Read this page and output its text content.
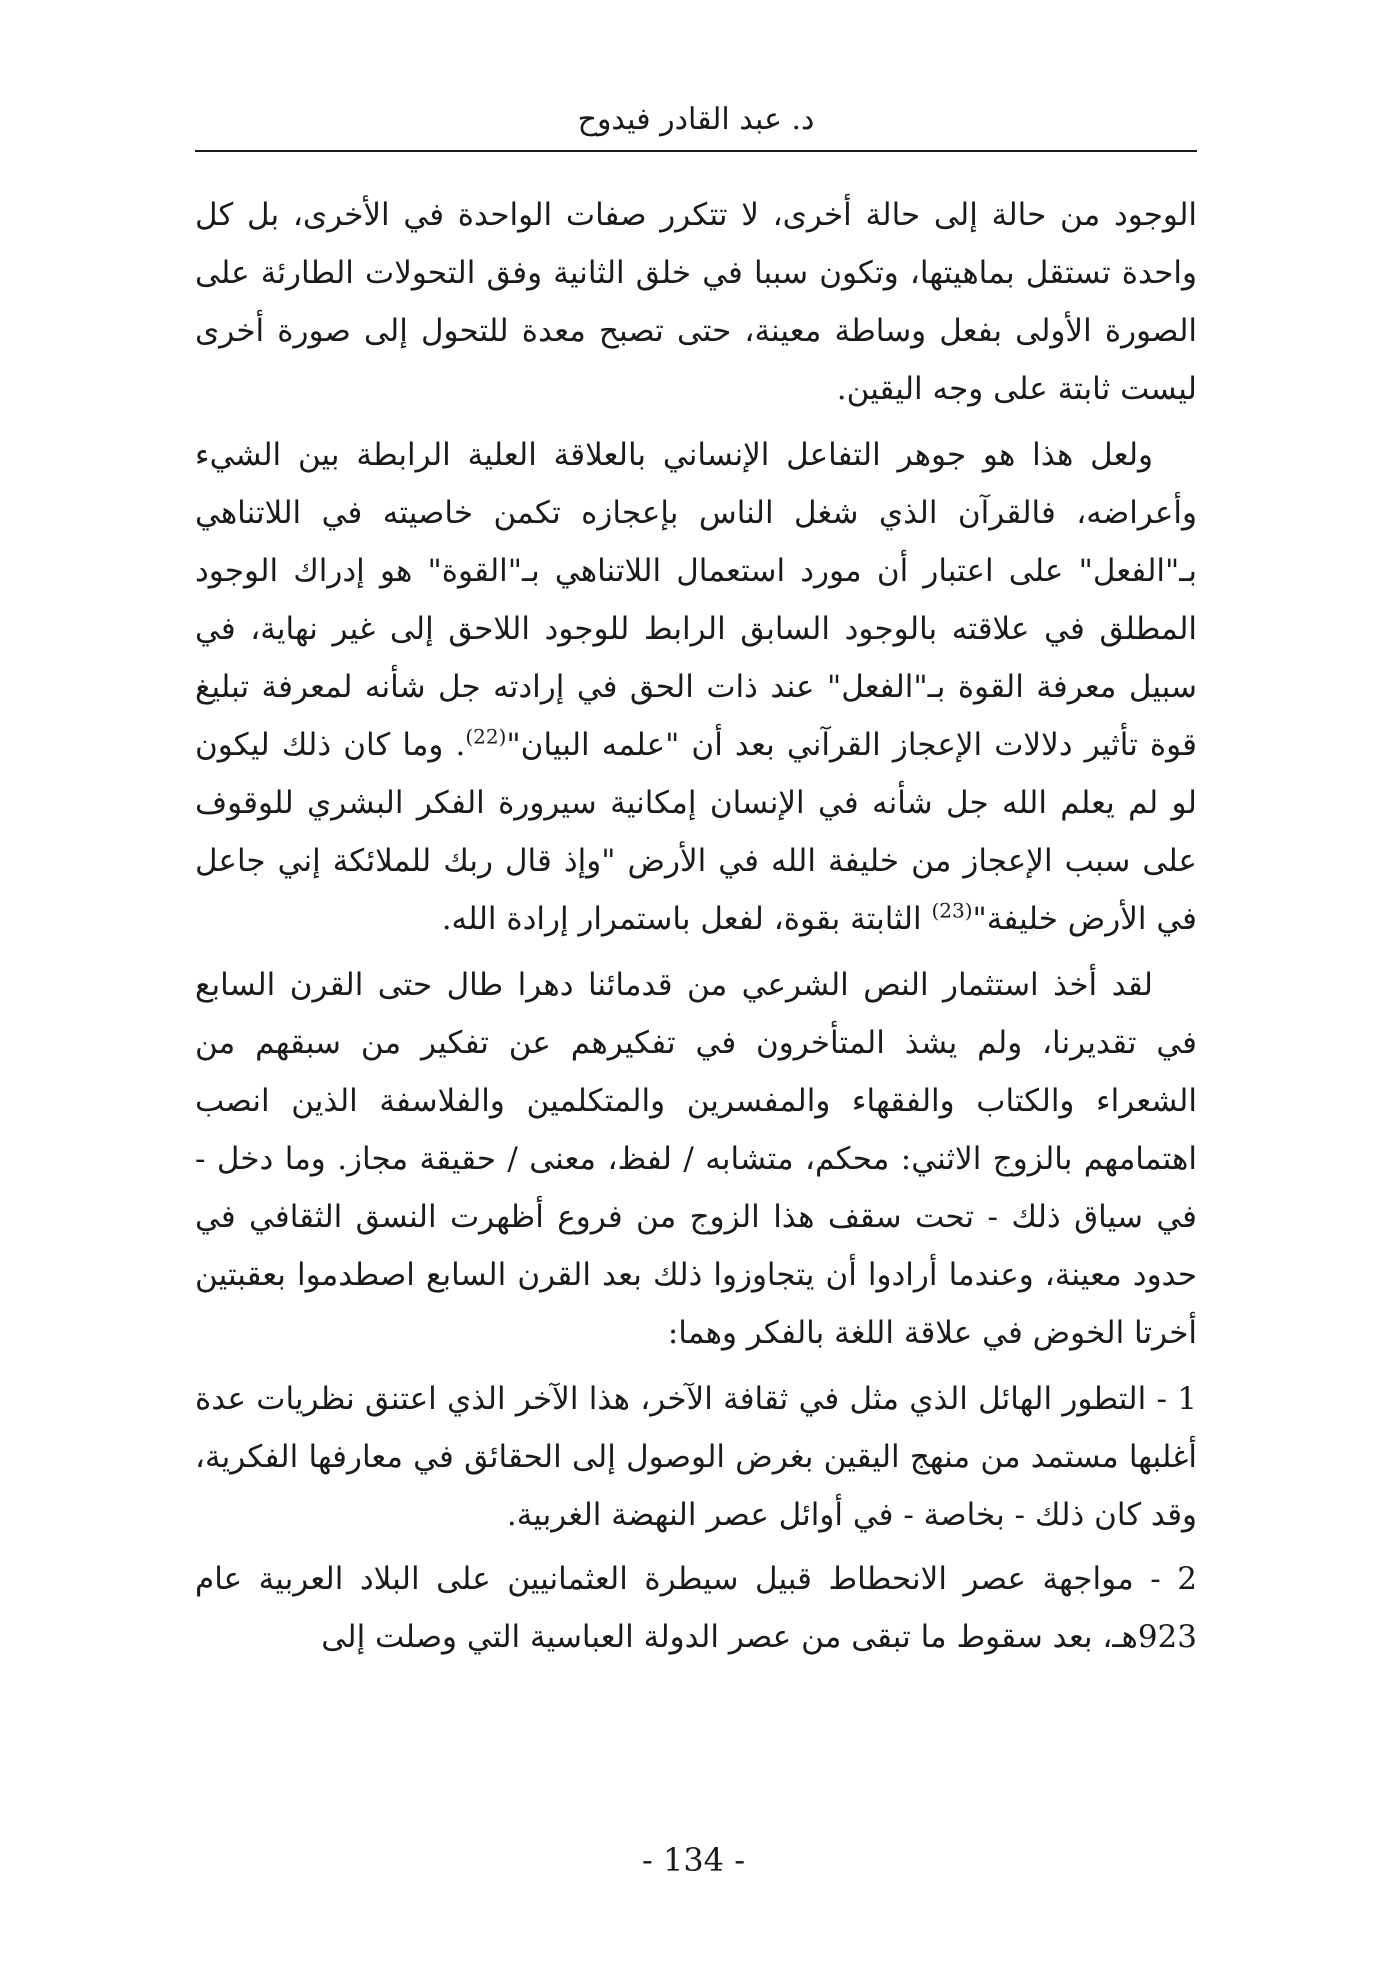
د. عبد القادر فيدوح

الوجود من حالة إلى حالة أخرى، لا تتكرر صفات الواحدة في الأخرى، بل كل واحدة تستقل بماهيتها، وتكون سببا في خلق الثانية وفق التحولات الطارئة على الصورة الأولى بفعل وساطة معينة، حتى تصبح معدة للتحول إلى صورة أخرى ليست ثابتة على وجه اليقين.

ولعل هذا هو جوهر التفاعل الإنساني بالعلاقة العلية الرابطة بين الشيء وأعراضه، فالقرآن الذي شغل الناس بإعجازه تكمن خاصيته في اللاتناهي بـ"الفعل" على اعتبار أن مورد استعمال اللاتناهي بـ"القوة" هو إدراك الوجود المطلق في علاقته بالوجود السابق الرابط للوجود اللاحق إلى غير نهاية، في سبيل معرفة القوة بـ"الفعل" عند ذات الحق في إرادته جل شأنه لمعرفة تبليغ قوة تأثير دلالات الإعجاز القرآني بعد أن "علمه البيان"$^{(22)}$. وما كان ذلك ليكون لو لم يعلم الله جل شأنه في الإنسان إمكانية سيرورة الفكر البشري للوقوف على سبب الإعجاز من خليفة الله في الأرض "وإذ قال ربك للملائكة إني جاعل في الأرض خليفة"$^{(23)}$ الثابتة بقوة، لفعل باستمرار إرادة الله.

لقد أخذ استثمار النص الشرعي من قدمائنا دهرا طال حتى القرن السابع في تقديرنا، ولم يشذ المتأخرون في تفكيرهم عن تفكير من سبقهم من الشعراء والكتاب والفقهاء والمفسرين والمتكلمين والفلاسفة الذين انصب اهتمامهم بالزوج الاثني: محكم، متشابه / لفظ، معنى / حقيقة مجاز. وما دخل - في سياق ذلك - تحت سقف هذا الزوج من فروع أظهرت النسق الثقافي في حدود معينة، وعندما أرادوا أن يتجاوزوا ذلك بعد القرن السابع اصطدموا بعقبتين أخرتا الخوض في علاقة اللغة بالفكر وهما:

1 - التطور الهائل الذي مثل في ثقافة الآخر، هذا الآخر الذي اعتنق نظريات عدة أغلبها مستمد من منهج اليقين بغرض الوصول إلى الحقائق في معارفها الفكرية، وقد كان ذلك - بخاصة - في أوائل عصر النهضة الغربية.

2 - مواجهة عصر الانحطاط قبيل سيطرة العثمانيين على البلاد العربية عام 923هـ، بعد سقوط ما تبقى من عصر الدولة العباسية التي وصلت إلى

- 134 -
